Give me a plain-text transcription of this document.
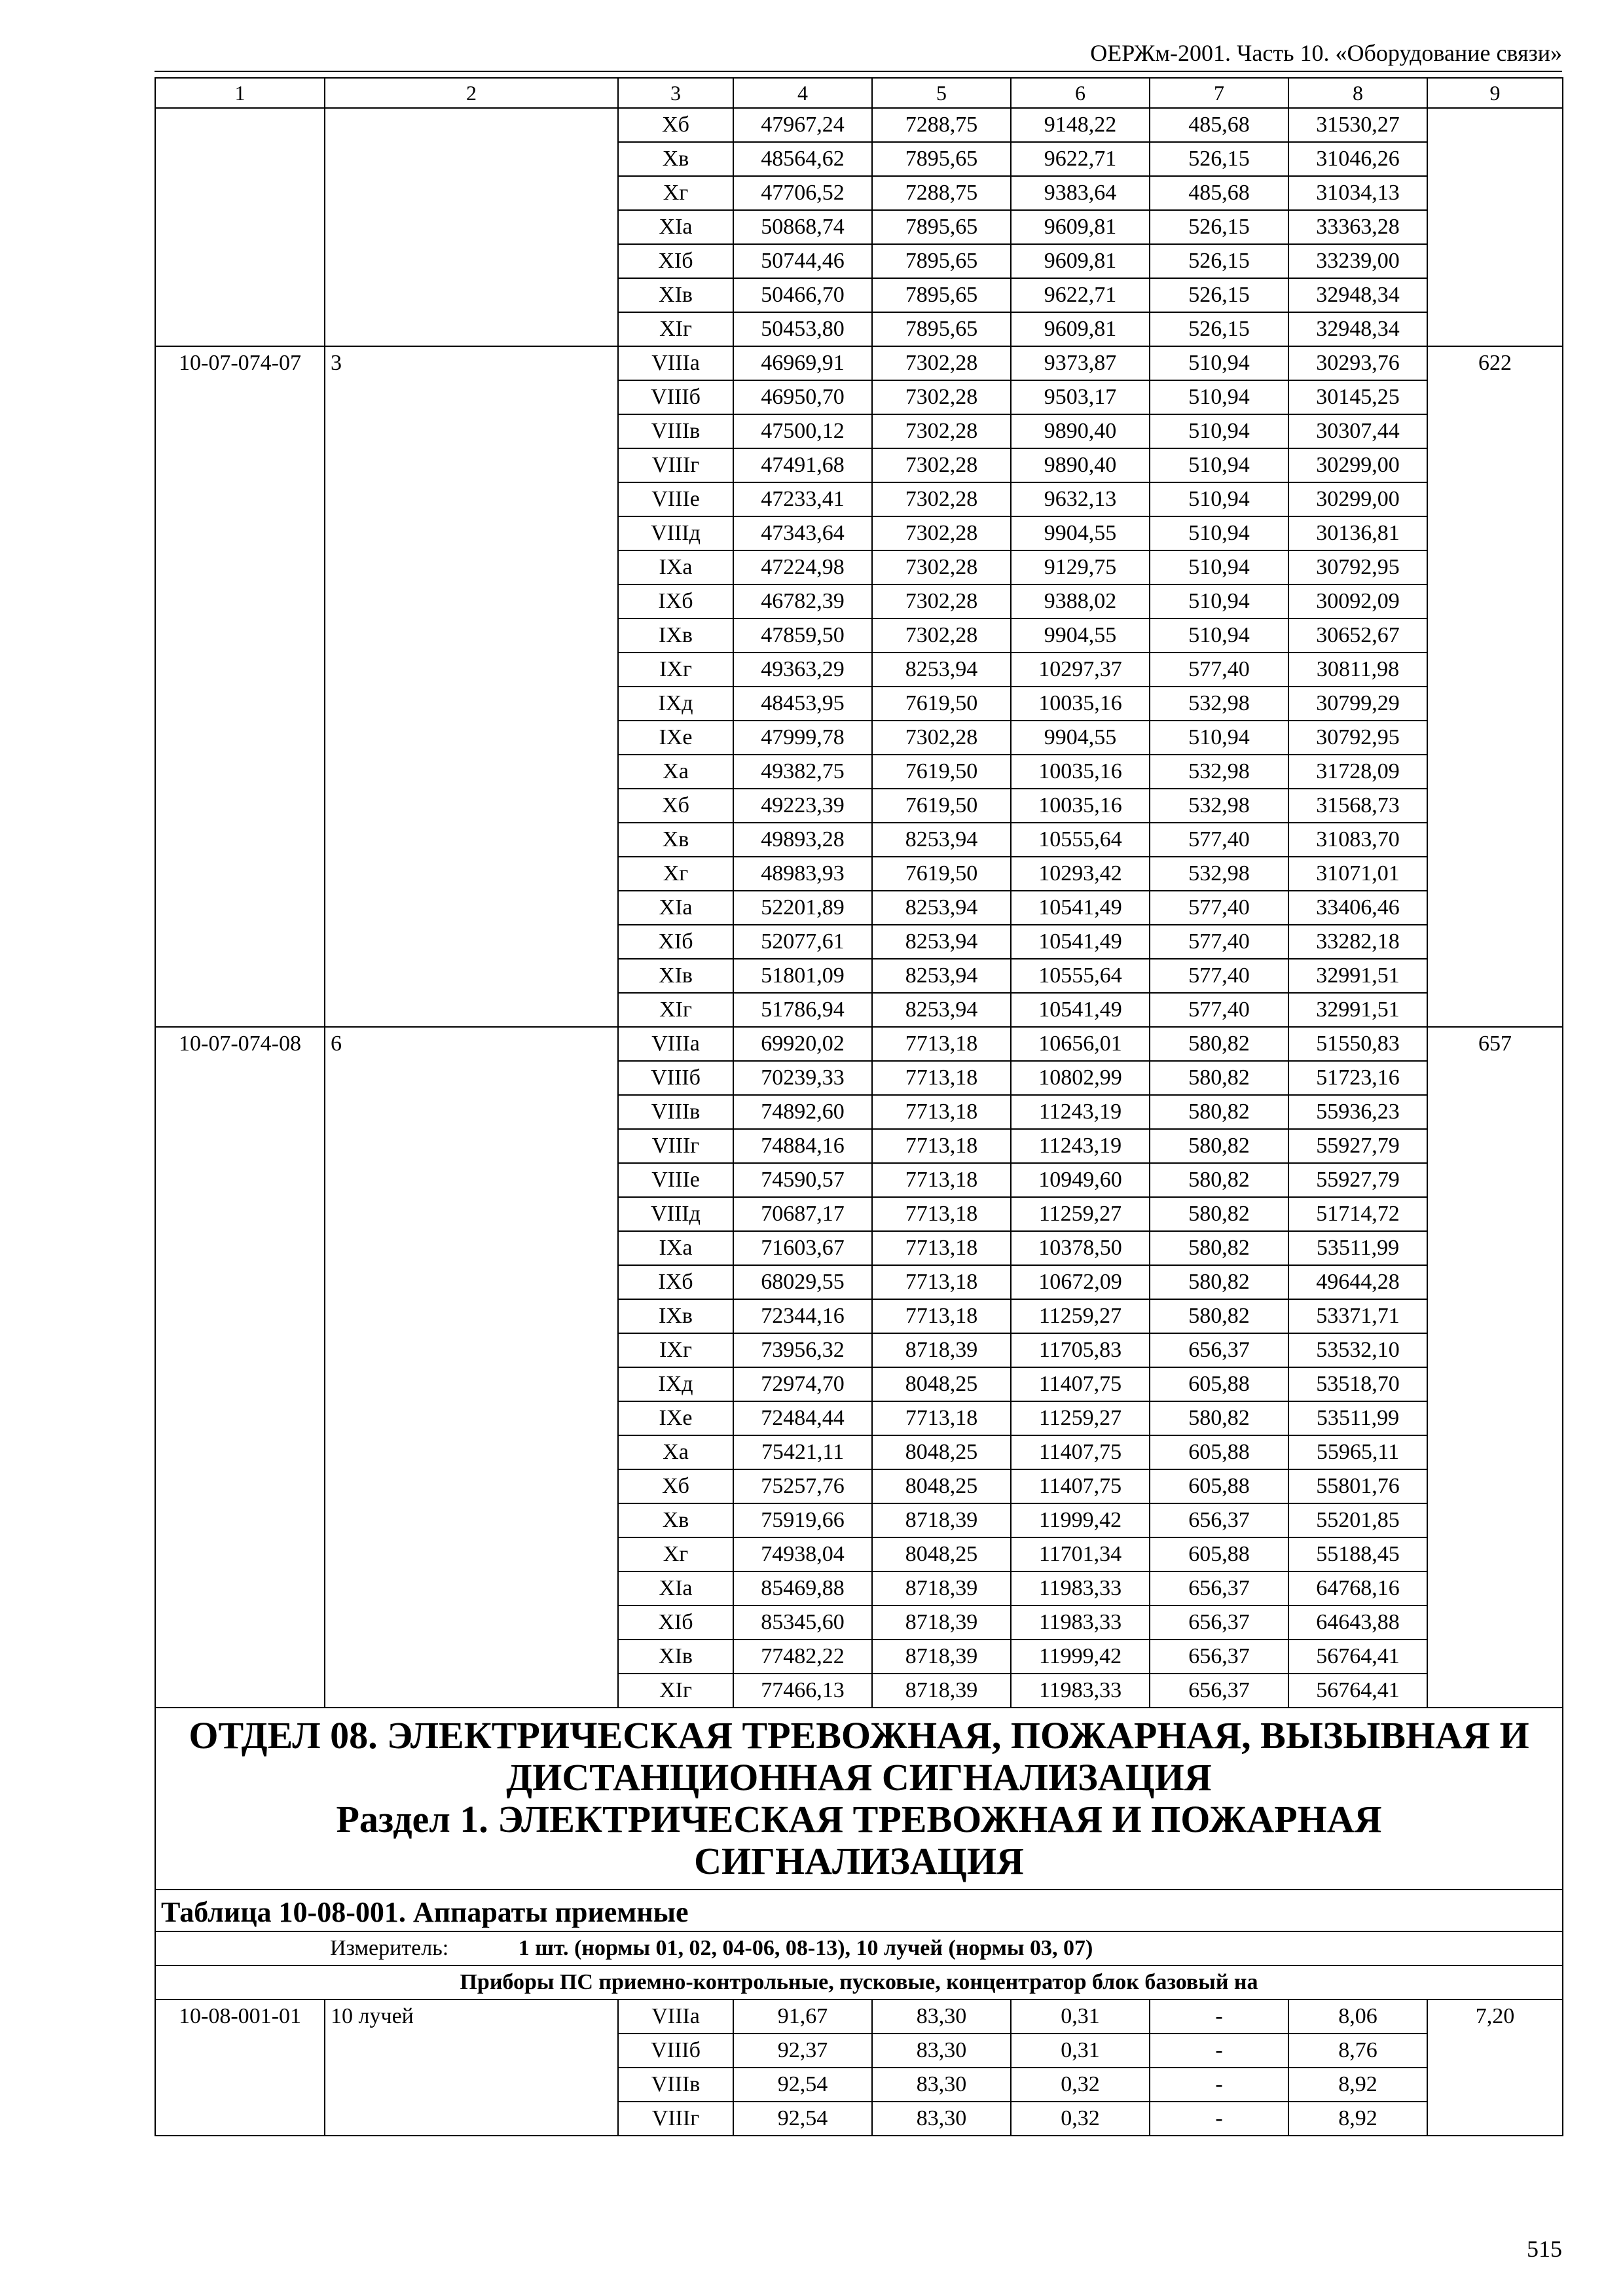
ОЕРЖм-2001. Часть 10. «Оборудование связи»
1	2	3	4	5	6	7	8	9
		Xб	47967,24	7288,75	9148,22	485,68	31530,27	
		Xв	48564,62	7895,65	9622,71	526,15	31046,26	
		Xг	47706,52	7288,75	9383,64	485,68	31034,13	
		XIа	50868,74	7895,65	9609,81	526,15	33363,28	
		XIб	50744,46	7895,65	9609,81	526,15	33239,00	
		XIв	50466,70	7895,65	9622,71	526,15	32948,34	
		XIг	50453,80	7895,65	9609,81	526,15	32948,34	
10-07-074-07	3	VIIIа	46969,91	7302,28	9373,87	510,94	30293,76	622
		VIIIб	46950,70	7302,28	9503,17	510,94	30145,25	
		VIIIв	47500,12	7302,28	9890,40	510,94	30307,44	
		VIIIг	47491,68	7302,28	9890,40	510,94	30299,00	
		VIIIе	47233,41	7302,28	9632,13	510,94	30299,00	
		VIIIд	47343,64	7302,28	9904,55	510,94	30136,81	
		IXа	47224,98	7302,28	9129,75	510,94	30792,95	
		IXб	46782,39	7302,28	9388,02	510,94	30092,09	
		IXв	47859,50	7302,28	9904,55	510,94	30652,67	
		IXг	49363,29	8253,94	10297,37	577,40	30811,98	
		IXд	48453,95	7619,50	10035,16	532,98	30799,29	
		IXе	47999,78	7302,28	9904,55	510,94	30792,95	
		Xа	49382,75	7619,50	10035,16	532,98	31728,09	
		Xб	49223,39	7619,50	10035,16	532,98	31568,73	
		Xв	49893,28	8253,94	10555,64	577,40	31083,70	
		Xг	48983,93	7619,50	10293,42	532,98	31071,01	
		XIа	52201,89	8253,94	10541,49	577,40	33406,46	
		XIб	52077,61	8253,94	10541,49	577,40	33282,18	
		XIв	51801,09	8253,94	10555,64	577,40	32991,51	
		XIг	51786,94	8253,94	10541,49	577,40	32991,51	
10-07-074-08	6	VIIIа	69920,02	7713,18	10656,01	580,82	51550,83	657
		VIIIб	70239,33	7713,18	10802,99	580,82	51723,16	
		VIIIв	74892,60	7713,18	11243,19	580,82	55936,23	
		VIIIг	74884,16	7713,18	11243,19	580,82	55927,79	
		VIIIе	74590,57	7713,18	10949,60	580,82	55927,79	
		VIIIд	70687,17	7713,18	11259,27	580,82	51714,72	
		IXа	71603,67	7713,18	10378,50	580,82	53511,99	
		IXб	68029,55	7713,18	10672,09	580,82	49644,28	
		IXв	72344,16	7713,18	11259,27	580,82	53371,71	
		IXг	73956,32	8718,39	11705,83	656,37	53532,10	
		IXд	72974,70	8048,25	11407,75	605,88	53518,70	
		IXе	72484,44	7713,18	11259,27	580,82	53511,99	
		Xа	75421,11	8048,25	11407,75	605,88	55965,11	
		Xб	75257,76	8048,25	11407,75	605,88	55801,76	
		Xв	75919,66	8718,39	11999,42	656,37	55201,85	
		Xг	74938,04	8048,25	11701,34	605,88	55188,45	
		XIа	85469,88	8718,39	11983,33	656,37	64768,16	
		XIб	85345,60	8718,39	11983,33	656,37	64643,88	
		XIв	77482,22	8718,39	11999,42	656,37	56764,41	
		XIг	77466,13	8718,39	11983,33	656,37	56764,41	

ОТДЕЛ 08. ЭЛЕКТРИЧЕСКАЯ ТРЕВОЖНАЯ, ПОЖАРНАЯ, ВЫЗЫВНАЯ И
ДИСТАНЦИОННАЯ СИГНАЛИЗАЦИЯ
Раздел 1. ЭЛЕКТРИЧЕСКАЯ ТРЕВОЖНАЯ И ПОЖАРНАЯ
СИГНАЛИЗАЦИЯ								

Таблица 10-08-001. Аппараты приемные								
Измеритель: 1 шт. (нормы 01, 02, 04-06, 08-13), 10 лучей (нормы 03, 07)								
Приборы ПС приемно-контрольные, пусковые, концентратор блок базовый на								
10-08-001-01	10 лучей	VIIIа	91,67	83,30	0,31	-	8,06	7,20
		VIIIб	92,37	83,30	0,31	-	8,76	
		VIIIв	92,54	83,30	0,32	-	8,92	
		VIIIг	92,54	83,30	0,32	-	8,92	
515
